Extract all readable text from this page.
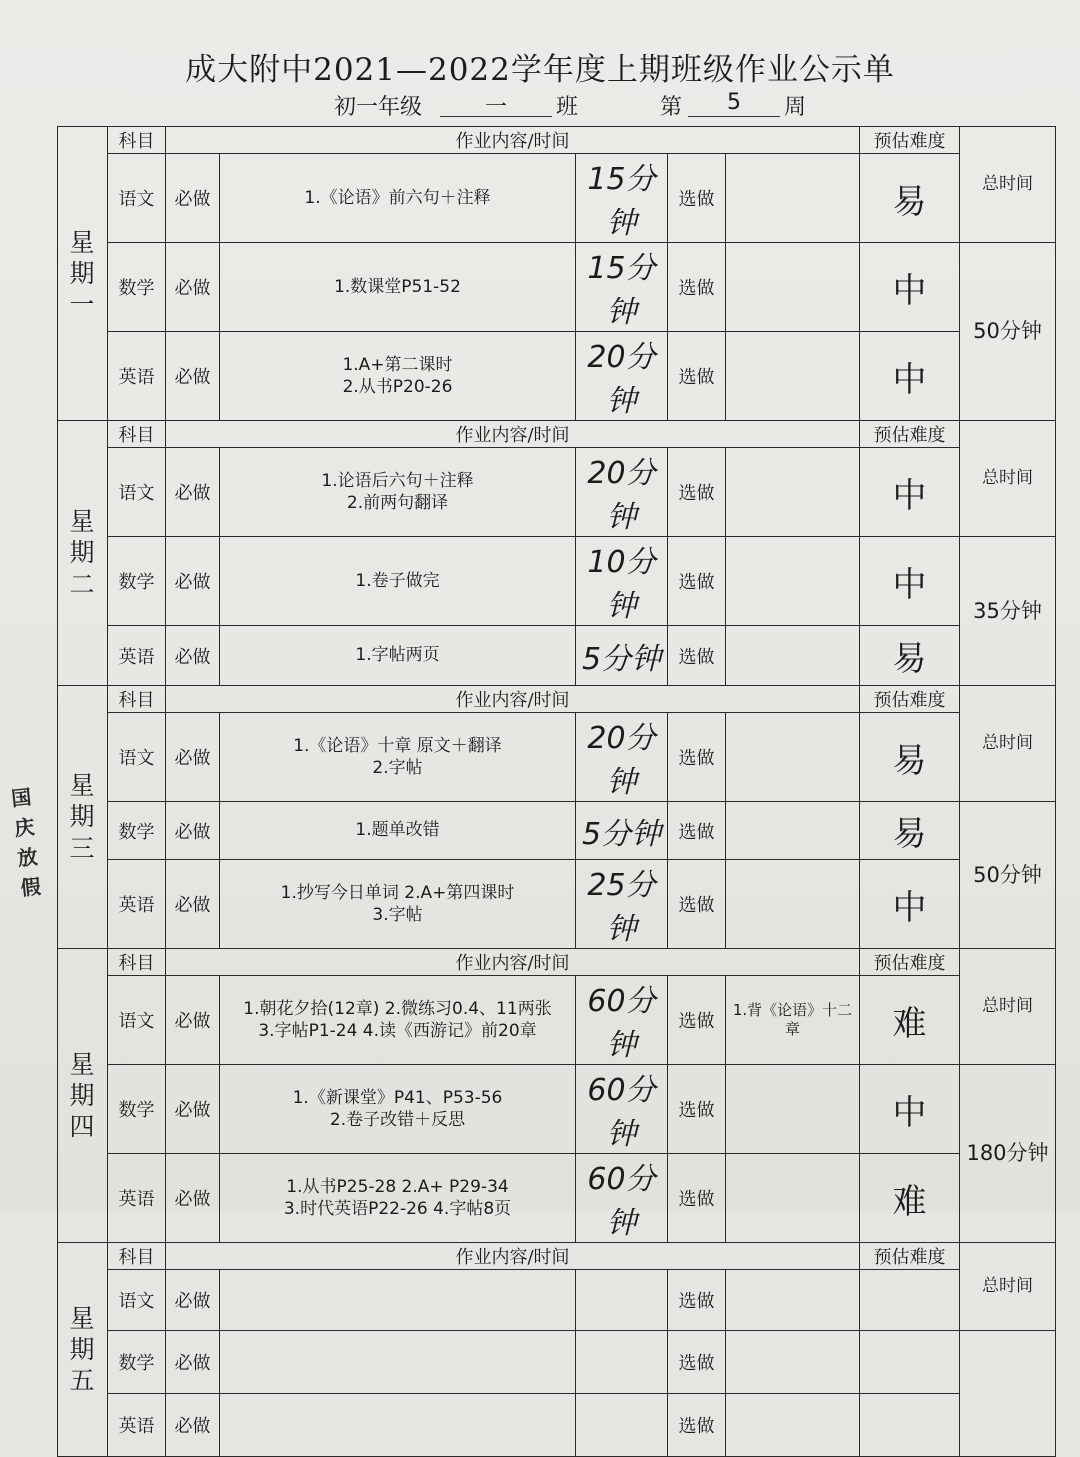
成大附中2021—2022学年度上期班级作业公示单
初一年级	一	班	第	5	周
国庆放假
星期一	科目	作业内容/时间					预估难度	总时间
	语文	必做	1.《论语》前六句＋注释	15分钟	选做		易	
	数学	必做	1.数课堂P51-52	15分钟	选做		中	50分钟
	英语	必做	1.A+第二课时
2.从书P20-26	20分钟	选做		中	
星期二	科目	作业内容/时间					预估难度	总时间
	语文	必做	1.论语后六句＋注释
2.前两句翻译	20分钟	选做		中	
	数学	必做	1.卷子做完	10分钟	选做		中	35分钟
	英语	必做	1.字帖两页	5分钟	选做		易	
星期三	科目	作业内容/时间					预估难度	总时间
	语文	必做	1.《论语》十章 原文＋翻译
2.字帖	20分钟	选做		易	
	数学	必做	1.题单改错	5分钟	选做		易	50分钟
	英语	必做	1.抄写今日单词 2.A+第四课时
3.字帖	25分钟	选做		中	
星期四	科目	作业内容/时间					预估难度	总时间
	语文	必做	1.朝花夕拾(12章) 2.微练习0.4、11两张
3.字帖P1-24 4.读《西游记》前20章	60分钟	选做	1.背《论语》十二章	难	
	数学	必做	1.《新课堂》P41、P53-56
2.卷子改错＋反思	60分钟	选做		中	180分钟
	英语	必做	1.从书P25-28 2.A+ P29-34
3.时代英语P22-26 4.字帖8页	60分钟	选做		难	
星期五	科目	作业内容/时间					预估难度	总时间
	语文	必做			选做			
	数学	必做			选做			
	英语	必做			选做			
